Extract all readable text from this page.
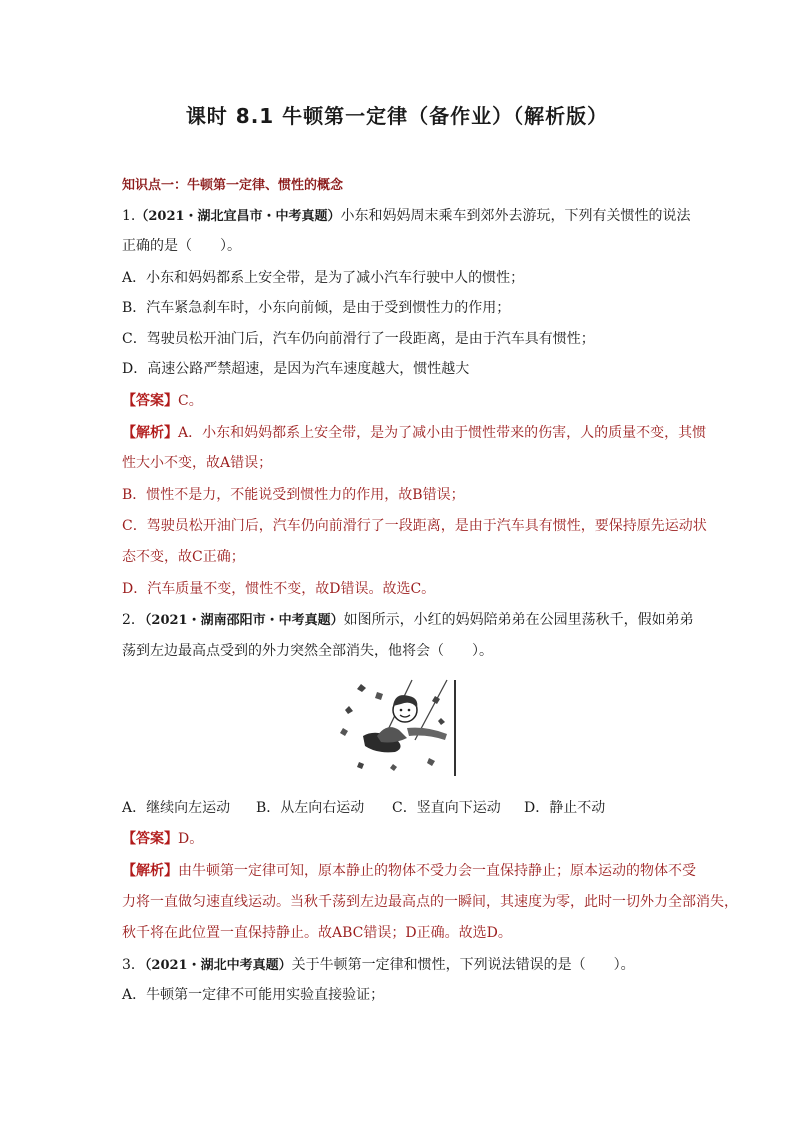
课时 8.1 牛顿第一定律（备作业）（解析版）
知识点一：牛顿第一定律、惯性的概念
1.（2021・湖北宜昌市・中考真题）小东和妈妈周末乘车到郊外去游玩，下列有关惯性的说法
正确的是（　　）。
A．小东和妈妈都系上安全带，是为了减小汽车行驶中人的惯性；
B．汽车紧急刹车时，小东向前倾，是由于受到惯性力的作用；
C．驾驶员松开油门后，汽车仍向前滑行了一段距离，是由于汽车具有惯性；
D．高速公路严禁超速，是因为汽车速度越大，惯性越大
【答案】C。
【解析】A．小东和妈妈都系上安全带，是为了减小由于惯性带来的伤害，人的质量不变，其惯
性大小不变，故A错误；
B．惯性不是力，不能说受到惯性力的作用，故B错误；
C．驾驶员松开油门后，汽车仍向前滑行了一段距离，是由于汽车具有惯性，要保持原先运动状
态不变，故C正确；
D．汽车质量不变，惯性不变，故D错误。故选C。
2．（2021・湖南邵阳市・中考真题）如图所示，小红的妈妈陪弟弟在公园里荡秋千，假如弟弟
荡到左边最高点受到的外力突然全部消失，他将会（　　）。
A．继续向左运动 B．从左向右运动 C．竖直向下运动 D．静止不动
【答案】D。
【解析】由牛顿第一定律可知，原本静止的物体不受力会一直保持静止；原本运动的物体不受
力将一直做匀速直线运动。当秋千荡到左边最高点的一瞬间，其速度为零，此时一切外力全部消失，
秋千将在此位置一直保持静止。故ABC错误；D正确。故选D。
3．（2021・湖北中考真题）关于牛顿第一定律和惯性，下列说法错误的是（　　）。
A．牛顿第一定律不可能用实验直接验证；
